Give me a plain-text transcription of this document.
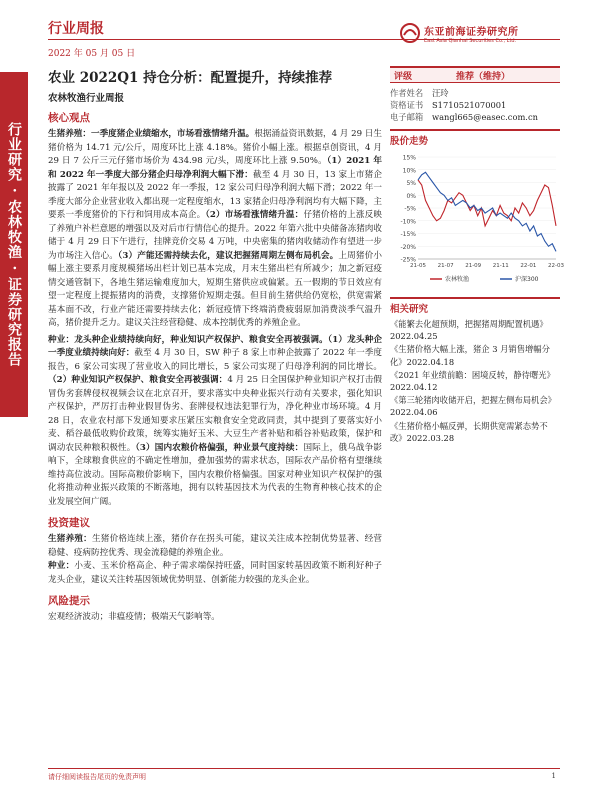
行业周报
2022 年 05 月 05 日
东亚前海证券研究所
East Asia Qianhai Securities Co., Ltd.
行业研究 · 农林牧渔 · 证券研究报告
农业 2022Q1 持仓分析：配置提升，持续推荐
农林牧渔行业周报
核心观点
生猪养殖：一季度猪企业绩缩水，市场看涨情绪升温。根据涌益资讯数据，4 月 29 日生猪价格为 14.71 元/公斤，周度环比上涨 4.18%。猪价小幅上涨。根据卓创资讯，4 月 29 日 7 公斤三元仔猪市场价为 434.98 元/头，周度环比上涨 9.50%。（1）2021 年和 2022 年一季度大部分猪企归母净利润大幅下滑：截至 4 月 30 日，13 家上市猪企披露了 2021 年年报以及 2022 年一季报，12 家公司归母净利润大幅下滑；2022 年一季度大部分企业营业收入都出现一定程度缩水，13 家猪企归母净利润均有大幅下降，主要系一季度猪价的下行和饲用成本高企。（2）市场看涨情绪升温：仔猪价格的上涨反映了养殖户补栏意愿的增强以及对后市行情信心的提升。2022 年第六批中央储备冻猪肉收储于 4 月 29 日下午进行，挂牌竞价交易 4 万吨，中央密集的猪肉收储动作有望进一步为市场注入信心。（3）产能还需持续去化，建议把握猪周期左侧布局机会。上周猪价小幅上涨主要系月度规模猪场出栏计划已基本完成，月末生猪出栏有所减少；加之新冠疫情交通管制下，各地生猪运输难度加大，短期生猪供应或偏紧。五一假期的节日效应有望一定程度上提振猪肉的消费，支撑猪价短期走强。但目前生猪供给仍宽松，供宽需紧基本面不改，行业产能还需要持续去化；新冠疫情下终端消费疲弱原加消费淡季气温升高，猪价提升乏力。建议关注经营稳健、成本控制优秀的养殖企业。
种业：龙头种企业绩持续向好，种业知识产权保护、粮食安全再被强调。（1）龙头种企一季度业绩持续向好：截至 4 月 30 日，SW 种子 8 家上市种企披露了 2022 年一季度报告，6 家公司实现了营业收入的同比增长，5 家公司实现了归母净利润的同比增长。（2）种业知识产权保护、粮食安全再被强调：4 月 25 日全国保护种业知识产权打击假冒伪劣套牌侵权视频会议在北京召开，要求落实中央种业振兴行动有关要求，强化知识产权保护，严厉打击种业假冒伪劣、套牌侵权违法犯罪行为，净化种业市场环境。4 月 28 日，农业农村部下发通知要求压紧压实粮食安全党政同责，其中提到了要落实好小麦、稻谷最低收购价政策，统筹实施好玉米、大豆生产者补贴和稻谷补贴政策，保护和调动农民种粮积极性。（3）国内农粮价格偏强，种业景气度持续：国际上，俄乌战争影响下，全球粮食供应的不确定性增加，叠加强势的需求状态，国际农产品价格有望继续维持高位波动。国际高粮价影响下，国内农粮价格偏强。国家对种业知识产权保护的强化将推动种业振兴政策的不断落地，拥有以转基因技术为代表的生物育种核心技术的企业发展空间广阔。
投资建议
生猪养殖：生猪价格连续上涨，猪价存在拐头可能，建议关注成本控制优势显著、经营稳健、疫病防控优秀、现金流稳健的养殖企业。
种业：小麦、玉米价格高企、种子需求端保持旺盛，同时国家转基因政策不断利好种子龙头企业，建议关注转基因领域优势明显、创新能力较强的龙头企业。
风险提示
宏观经济波动；非瘟疫情；极端天气影响等。
评级	推荐（维持）
作者姓名	汪玲
资格证书	S1710521070001
电子邮箱	wangl665@easec.com.cn
股价走势
15%
10%
5%
0%
-5%
-10%
-15%
-20%
-25%
21-05 21-07 21-09 21-11 22-01 22-03
农林牧渔	沪深300
相关研究
《能繁去化超预期，把握猪周期配置机遇》2022.04.25
《生猪价格大幅上涨，猪企 3 月销售增幅分化》2022.04.18
《2021 年业绩前瞻：困境反转，静待曙光》2022.04.12
《第三轮猪肉收储开启，把握左侧布局机会》2022.04.06
《生猪价格小幅反弹，长期供宽需紧态势不改》2022.03.28
请仔细阅读报告尾页的免责声明	1
